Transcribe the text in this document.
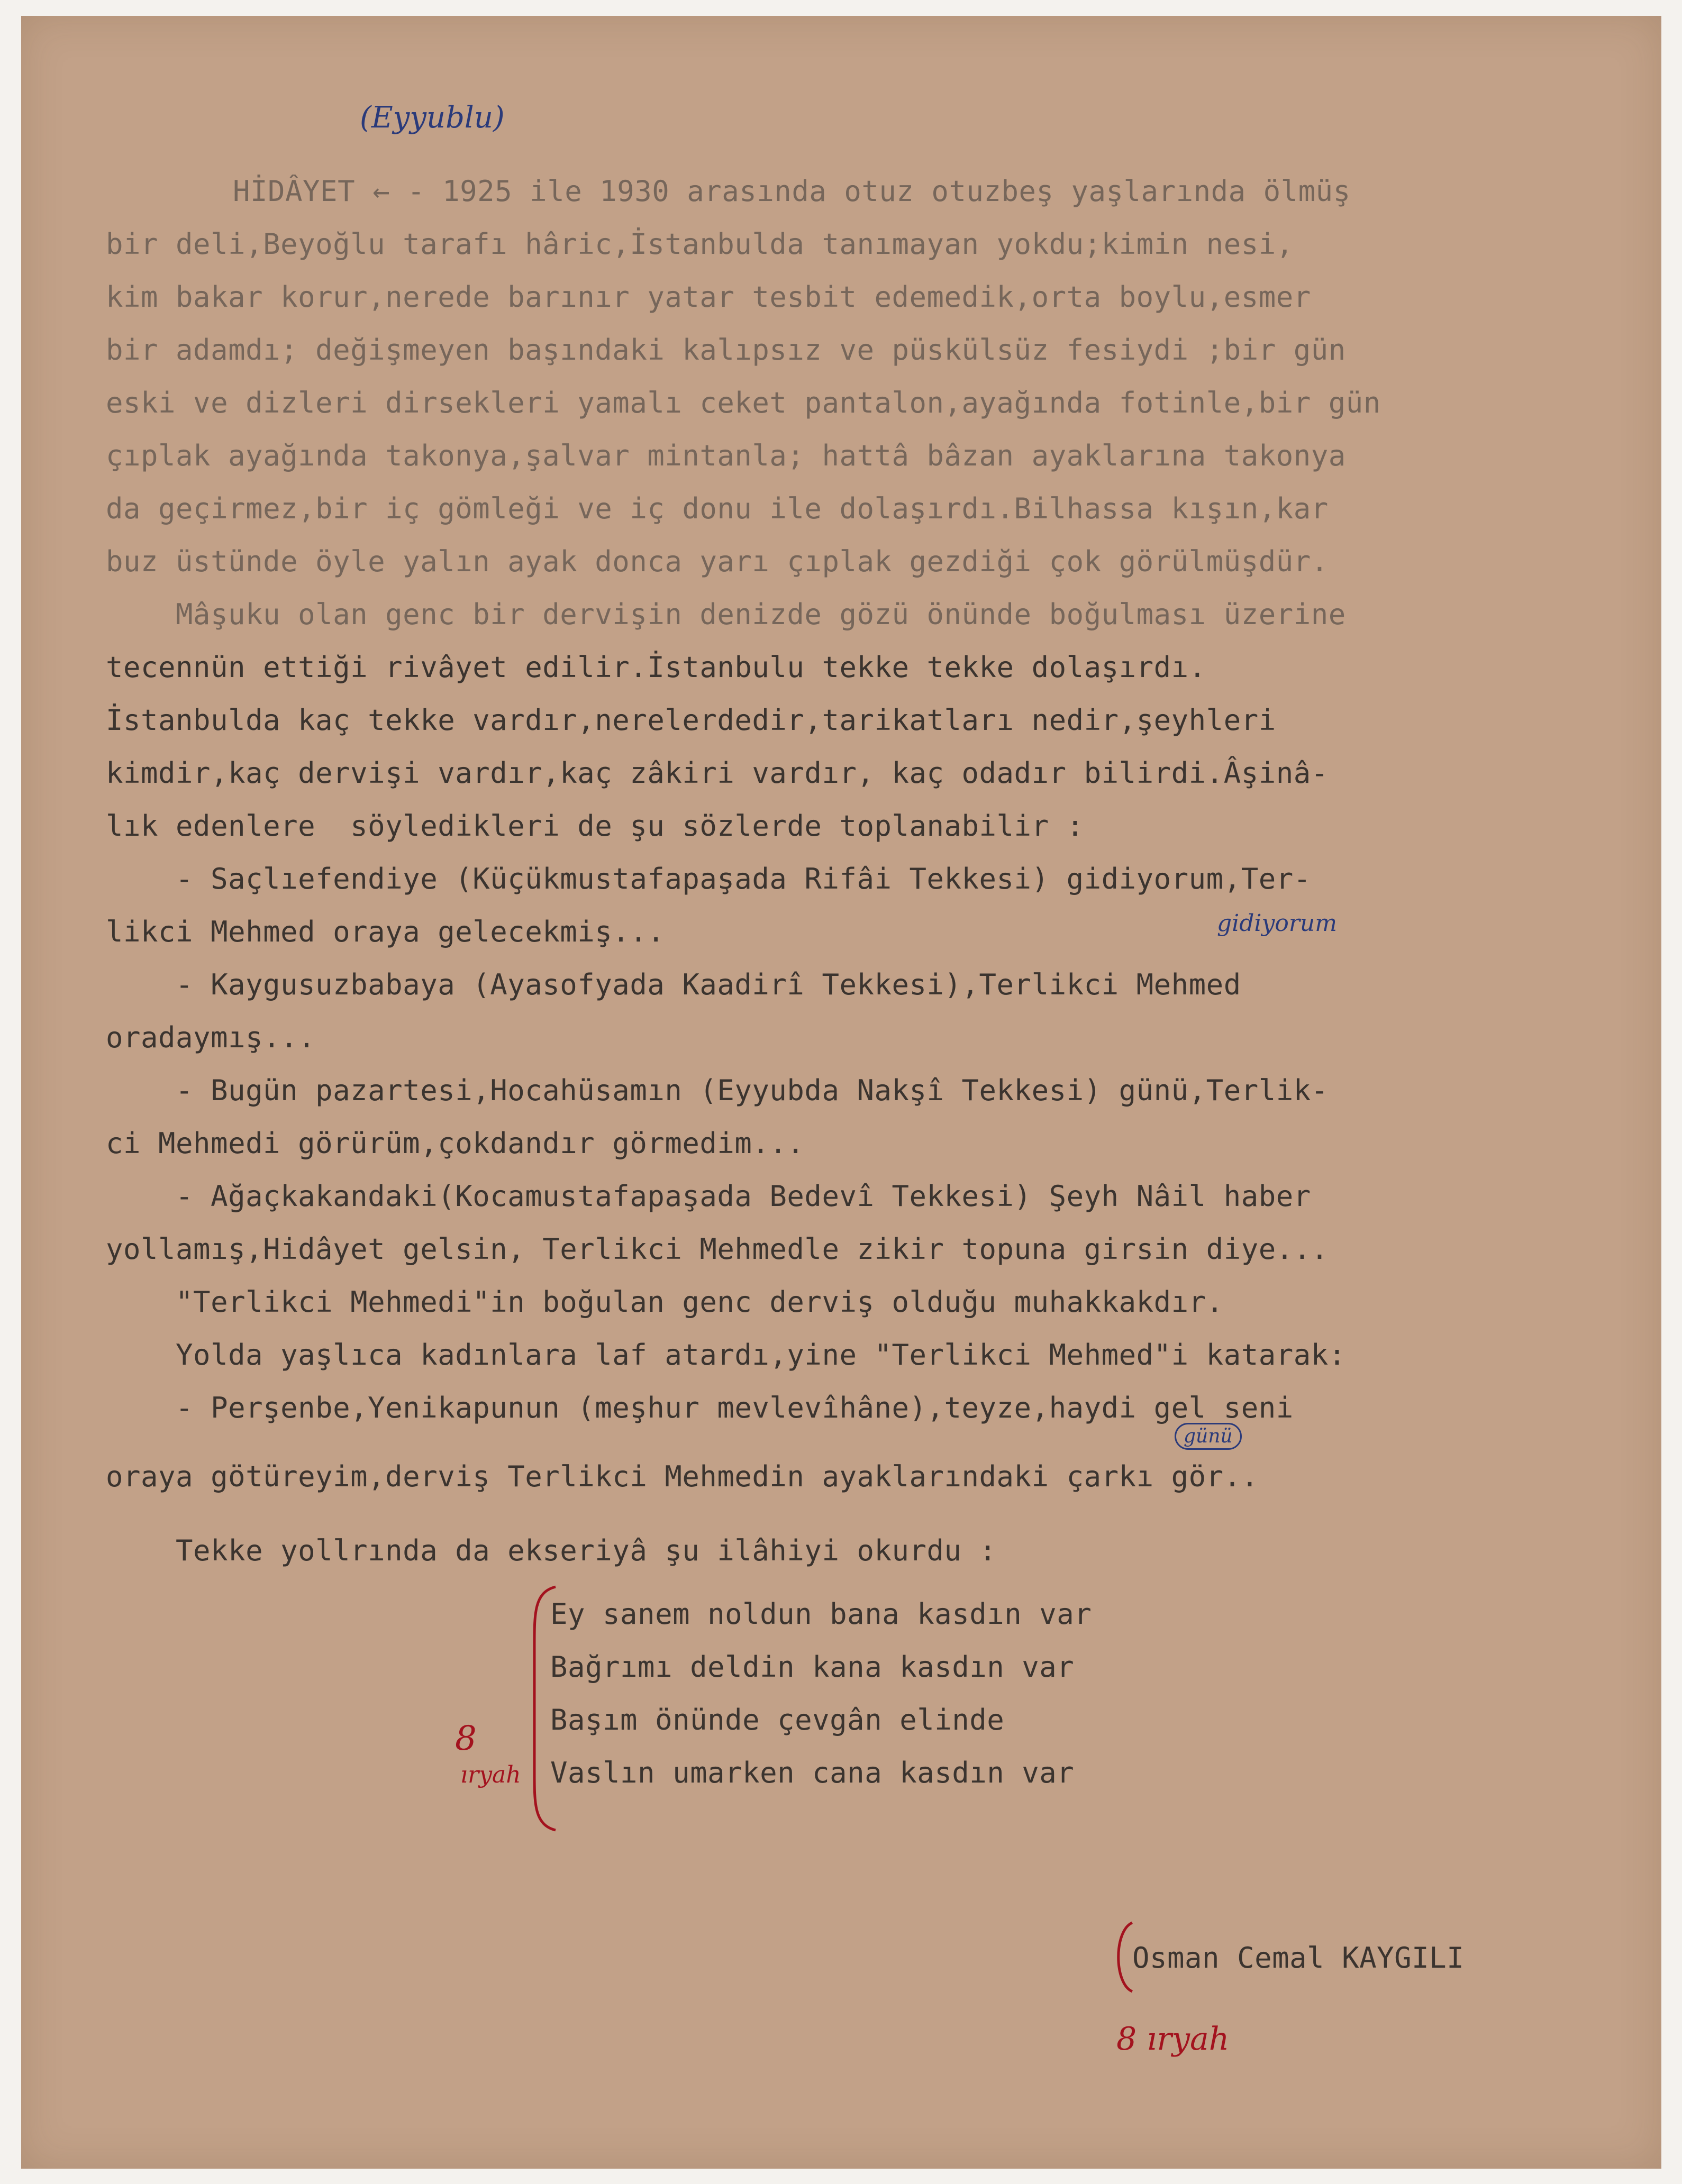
(Eyyublu)
HİDÂYET ← - 1925 ile 1930 arasında otuz otuzbeş yaşlarında ölmüş
bir deli,Beyoğlu tarafı hâric,İstanbulda tanımayan yokdu;kimin nesi,
kim bakar korur,nerede barınır yatar tesbit edemedik,orta boylu,esmer
bir adamdı; değişmeyen başındaki kalıpsız ve püskülsüz fesiydi ;bir gün
eski ve dizleri dirsekleri yamalı ceket pantalon,ayağında fotinle,bir gün
çıplak ayağında takonya,şalvar mintanla; hattâ bâzan ayaklarına takonya
da geçirmez,bir iç gömleği ve iç donu ile dolaşırdı.Bilhassa kışın,kar
buz üstünde öyle yalın ayak donca yarı çıplak gezdiği çok görülmüşdür.
Mâşuku olan genc bir dervişin denizde gözü önünde boğulması üzerine
tecennün ettiği rivâyet edilir.İstanbulu tekke tekke dolaşırdı.
İstanbulda kaç tekke vardır,nerelerdedir,tarikatları nedir,şeyhleri
kimdir,kaç dervişi vardır,kaç zâkiri vardır, kaç odadır bilirdi.Âşinâ-
lık edenlere  söyledikleri de şu sözlerde toplanabilir :
- Saçlıefendiye (Küçükmustafapaşada Rifâi Tekkesi) gidiyorum,Ter-
likci Mehmed oraya gelecekmiş...
- Kaygusuzbabaya (Ayasofyada Kaadirî Tekkesi),Terlikci Mehmed
oradaymış...
- Bugün pazartesi,Hocahüsamın (Eyyubda Nakşî Tekkesi) günü,Terlik-
ci Mehmedi görürüm,çokdandır görmedim...
- Ağaçkakandaki(Kocamustafapaşada Bedevî Tekkesi) Şeyh Nâil haber
yollamış,Hidâyet gelsin, Terlikci Mehmedle zikir topuna girsin diye...
"Terlikci Mehmedi"in boğulan genc derviş olduğu muhakkakdır.
Yolda yaşlıca kadınlara laf atardı,yine "Terlikci Mehmed"i katarak:
- Perşenbe,Yenikapunun (meşhur mevlevîhâne),teyze,haydi gel seni
oraya götüreyim,derviş Terlikci Mehmedin ayaklarındaki çarkı gör..
Tekke yollrında da ekseriyâ şu ilâhiyi okurdu :
gidiyorum
günü
Ey sanem noldun bana kasdın var
Bağrımı deldin kana kasdın var
Başım önünde çevgân elinde
Vaslın umarken cana kasdın var
8
ıryah
Osman Cemal KAYGILI
8 ıryah
